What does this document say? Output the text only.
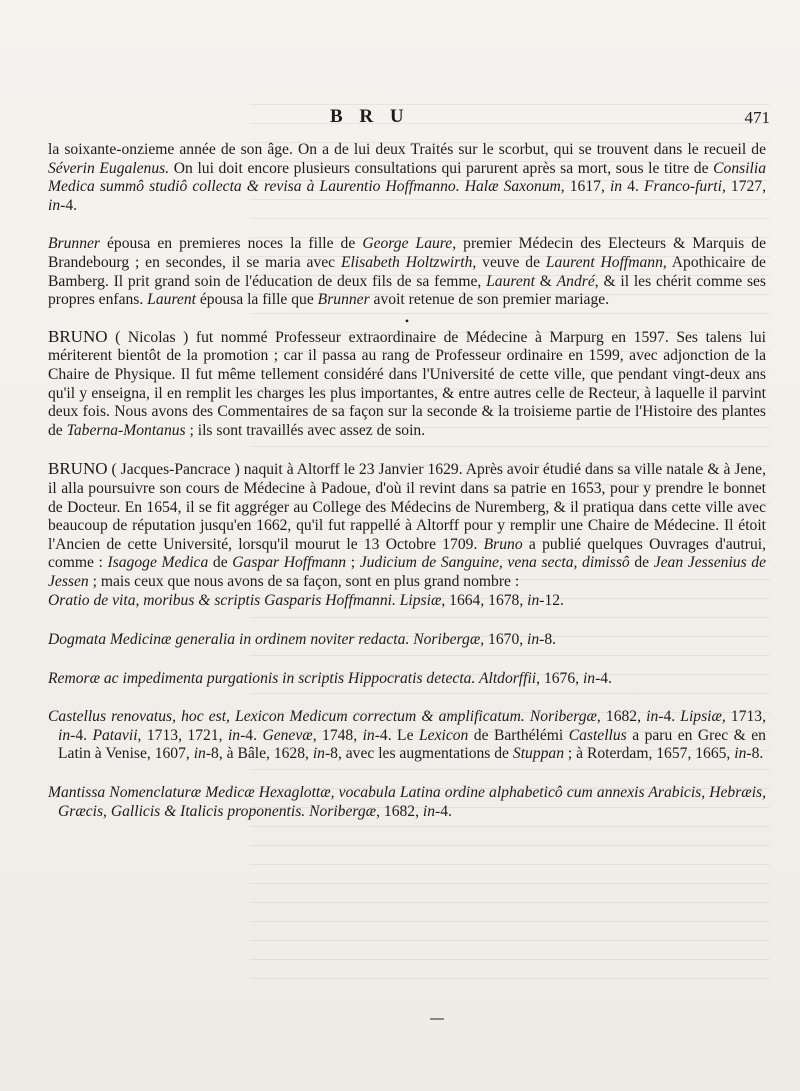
B R U	471

la soixante-onzieme année de son âge. On a de lui deux Traités sur le scorbut, qui se trouvent dans le recueil de Séverin Eugalenus. On lui doit encore plusieurs consultations qui parurent après sa mort, sous le titre de Consilia Medica summô studiô collecta & revisa à Laurentio Hoffmanno. Halæ Saxonum, 1617, in 4. Franco-furti, 1727, in-4.

Brunner épousa en premieres noces la fille de George Laure, premier Médecin des Electeurs & Marquis de Brandebourg ; en secondes, il se maria avec Elisabeth Holtzwirth, veuve de Laurent Hoffmann, Apothicaire de Bamberg. Il prit grand soin de l'éducation de deux fils de sa femme, Laurent & André, & il les chérit comme ses propres enfans. Laurent épousa la fille que Brunner avoit retenue de son premier mariage.

•

BRUNO ( Nicolas ) fut nommé Professeur extraordinaire de Médecine à Marpurg en 1597. Ses talens lui mériterent bientôt de la promotion ; car il passa au rang de Professeur ordinaire en 1599, avec adjonction de la Chaire de Physique. Il fut même tellement considéré dans l'Université de cette ville, que pendant vingt-deux ans qu'il y enseigna, il en remplit les charges les plus importantes, & entre autres celle de Recteur, à laquelle il parvint deux fois. Nous avons des Commentaires de sa façon sur la seconde & la troisieme partie de l'Histoire des plantes de Taberna-Montanus ; ils sont travaillés avec assez de soin.

BRUNO ( Jacques-Pancrace ) naquit à Altorff le 23 Janvier 1629. Après avoir étudié dans sa ville natale & à Jene, il alla poursuivre son cours de Médecine à Padoue, d'où il revint dans sa patrie en 1653, pour y prendre le bonnet de Docteur. En 1654, il se fit aggréger au College des Médecins de Nuremberg, & il pratiqua dans cette ville avec beaucoup de réputation jusqu'en 1662, qu'il fut rappellé à Altorff pour y remplir une Chaire de Médecine. Il étoit l'Ancien de cette Université, lorsqu'il mourut le 13 Octobre 1709. Bruno a publié quelques Ouvrages d'autrui, comme : Isagoge Medica de Gaspar Hoffmann ; Judicium de Sanguine, vena secta, dimissô de Jean Jessenius de Jessen ; mais ceux que nous avons de sa façon, sont en plus grand nombre :

Oratio de vita, moribus & scriptis Gasparis Hoffmanni. Lipsiæ, 1664, 1678, in-12.

Dogmata Medicinæ generalia in ordinem noviter redacta. Noribergæ, 1670, in-8.

Remoræ ac impedimenta purgationis in scriptis Hippocratis detecta. Altdorffii, 1676, in-4.

Castellus renovatus, hoc est, Lexicon Medicum correctum & amplificatum. Noribergæ, 1682, in-4. Lipsiæ, 1713, in-4. Patavii, 1713, 1721, in-4. Genevæ, 1748, in-4. Le Lexicon de Barthélémi Castellus a paru en Grec & en Latin à Venise, 1607, in-8, à Bâle, 1628, in-8, avec les augmentations de Stuppan ; à Roterdam, 1657, 1665, in-8.

Mantissa Nomenclaturæ Medicæ Hexaglottæ, vocabula Latina ordine alphabeticô cum annexis Arabicis, Hebræis, Græcis, Gallicis & Italicis proponentis. Noribergæ, 1682, in-4.
